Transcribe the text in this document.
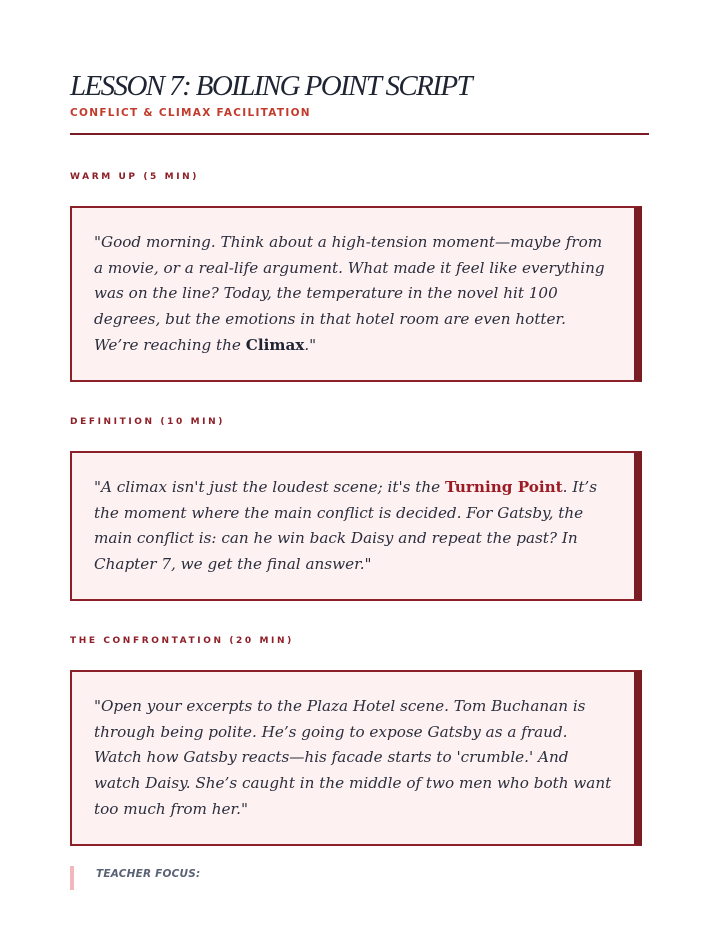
LESSON 7: BOILING POINT SCRIPT
CONFLICT & CLIMAX FACILITATION
WARM UP (5 MIN)
"Good morning. Think about a high-tension moment—maybe from a movie, or a real-life argument. What made it feel like everything was on the line? Today, the temperature in the novel hit 100 degrees, but the emotions in that hotel room are even hotter. We’re reaching the Climax."
DEFINITION (10 MIN)
"A climax isn't just the loudest scene; it's the Turning Point. It’s the moment where the main conflict is decided. For Gatsby, the main conflict is: can he win back Daisy and repeat the past? In Chapter 7, we get the final answer."
THE CONFRONTATION (20 MIN)
"Open your excerpts to the Plaza Hotel scene. Tom Buchanan is through being polite. He’s going to expose Gatsby as a fraud. Watch how Gatsby reacts—his facade starts to 'crumble.' And watch Daisy. She’s caught in the middle of two men who both want too much from her."
TEACHER FOCUS:
